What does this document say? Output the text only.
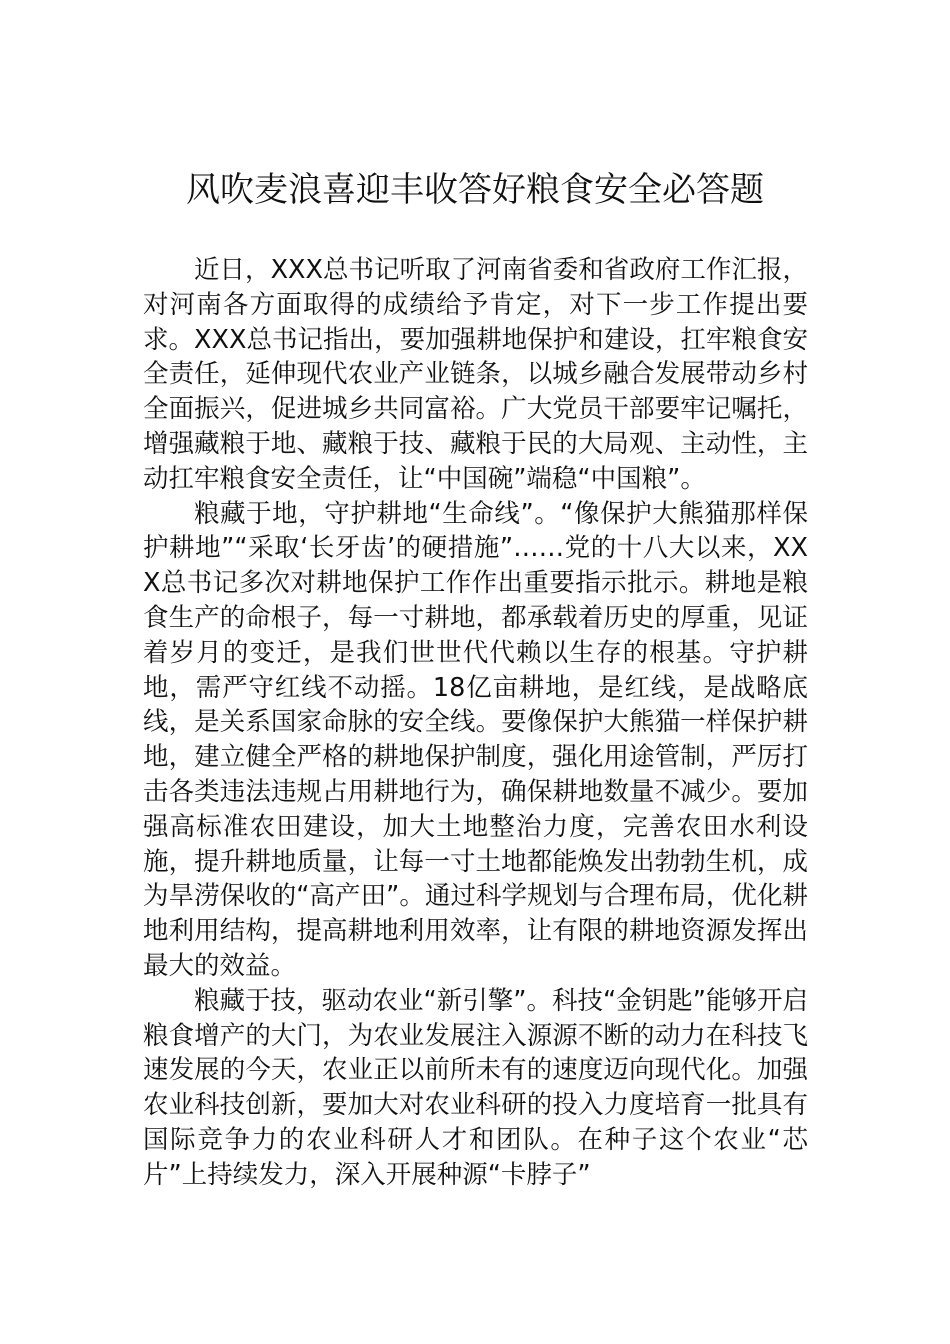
风吹麦浪喜迎丰收答好粮食安全必答题

近日，XXX总书记听取了河南省委和省政府工作汇报，对河南各方面取得的成绩给予肯定，对下一步工作提出要求。XXX总书记指出，要加强耕地保护和建设，扛牢粮食安全责任，延伸现代农业产业链条，以城乡融合发展带动乡村全面振兴，促进城乡共同富裕。广大党员干部要牢记嘱托，增强藏粮于地、藏粮于技、藏粮于民的大局观、主动性，主动扛牢粮食安全责任，让“中国碗”端稳“中国粮”。

粮藏于地，守护耕地“生命线”。“像保护大熊猫那样保护耕地”“采取‘长牙齿’的硬措施”……党的十八大以来，XXX总书记多次对耕地保护工作作出重要指示批示。耕地是粮食生产的命根子，每一寸耕地，都承载着历史的厚重，见证着岁月的变迁，是我们世世代代赖以生存的根基。守护耕地，需严守红线不动摇。18亿亩耕地，是红线，是战略底线，是关系国家命脉的安全线。要像保护大熊猫一样保护耕地，建立健全严格的耕地保护制度，强化用途管制，严厉打击各类违法违规占用耕地行为，确保耕地数量不减少。要加强高标准农田建设，加大土地整治力度，完善农田水利设施，提升耕地质量，让每一寸土地都能焕发出勃勃生机，成为旱涝保收的“高产田”。通过科学规划与合理布局，优化耕地利用结构，提高耕地利用效率，让有限的耕地资源发挥出最大的效益。

粮藏于技，驱动农业“新引擎”。科技“金钥匙”能够开启粮食增产的大门，为农业发展注入源源不断的动力在科技飞速发展的今天，农业正以前所未有的速度迈向现代化。加强农业科技创新，要加大对农业科研的投入力度培育一批具有国际竞争力的农业科研人才和团队。在种子这个农业“芯片”上持续发力，深入开展种源“卡脖子”
